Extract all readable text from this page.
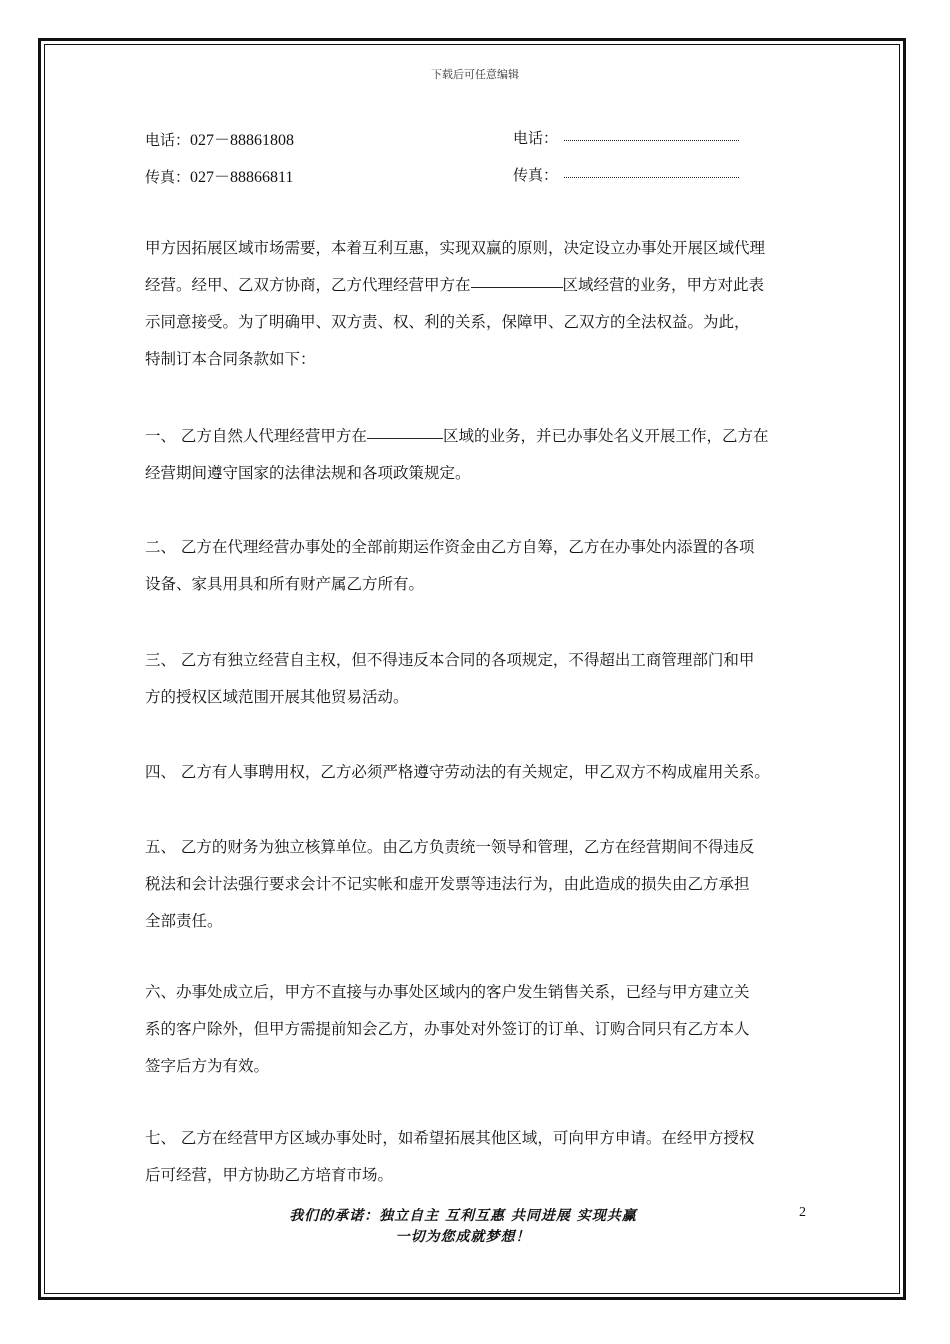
下载后可任意编辑
电话：027－88861808
传真：027－88866811
电话：
传真：
甲方因拓展区域市场需要，本着互利互惠，实现双赢的原则，决定设立办事处开展区域代理
经营。经甲、乙双方协商，乙方代理经营甲方在	区域经营的业务，甲方对此表
示同意接受。为了明确甲、双方责、权、利的关系，保障甲、乙双方的全法权益。为此，
特制订本合同条款如下：
一、 乙方自然人代理经营甲方在	区域的业务，并已办事处名义开展工作，乙方在
经营期间遵守国家的法律法规和各项政策规定。
二、 乙方在代理经营办事处的全部前期运作资金由乙方自筹，乙方在办事处内添置的各项
设备、家具用具和所有财产属乙方所有。
三、 乙方有独立经营自主权，但不得违反本合同的各项规定，不得超出工商管理部门和甲
方的授权区域范围开展其他贸易活动。
四、 乙方有人事聘用权，乙方必须严格遵守劳动法的有关规定，甲乙双方不构成雇用关系。
五、 乙方的财务为独立核算单位。由乙方负责统一领导和管理，乙方在经营期间不得违反
税法和会计法强行要求会计不记实帐和虚开发票等违法行为，由此造成的损失由乙方承担
全部责任。
六、办事处成立后，甲方不直接与办事处区域内的客户发生销售关系，已经与甲方建立关
系的客户除外，但甲方需提前知会乙方，办事处对外签订的订单、订购合同只有乙方本人
签字后方为有效。
七、 乙方在经营甲方区域办事处时，如希望拓展其他区域，可向甲方申请。在经甲方授权
后可经营，甲方协助乙方培育市场。
我们的承诺：独立自主 互利互惠 共同进展 实现共赢
一切为您成就梦想！
2
